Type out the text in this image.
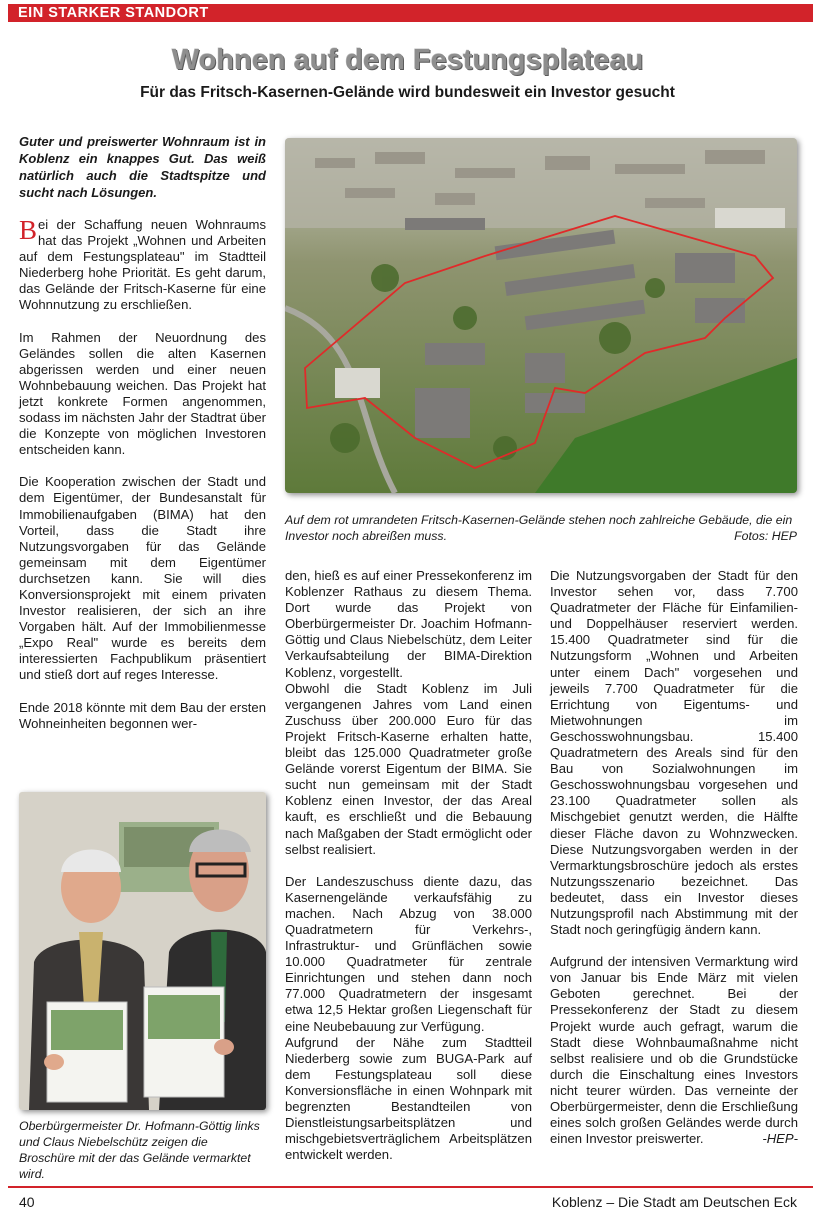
EIN STARKER STANDORT
Wohnen auf dem Festungsplateau
Für das Fritsch-Kasernen-Gelände wird bundesweit ein Investor gesucht

Guter und preiswerter Wohnraum ist in Koblenz ein knappes Gut. Das weiß natürlich auch die Stadtspitze und sucht nach Lösungen.

Bei der Schaffung neuen Wohnraums hat das Projekt „Wohnen und Arbeiten auf dem Festungsplateau" im Stadtteil Niederberg hohe Priorität. Es geht darum, das Gelände der Fritsch-Kaserne für eine Wohnnutzung zu erschließen.

Im Rahmen der Neuordnung des Geländes sollen die alten Kasernen abgerissen werden und einer neuen Wohnbebauung weichen. Das Projekt hat jetzt konkrete Formen angenommen, sodass im nächsten Jahr der Stadtrat über die Konzepte von möglichen Investoren entscheiden kann.

Die Kooperation zwischen der Stadt und dem Eigentümer, der Bundesanstalt für Immobilienaufgaben (BIMA) hat den Vorteil, dass die Stadt ihre Nutzungsvorgaben für das Gelände gemeinsam mit dem Eigentümer durchsetzen kann. Sie will dies Konversionsprojekt mit einem privaten Investor realisieren, der sich an ihre Vorgaben hält. Auf der Immobilienmesse „Expo Real" wurde es bereits dem interessierten Fachpublikum präsentiert und stieß dort auf reges Interesse.

Ende 2018 könnte mit dem Bau der ersten Wohneinheiten begonnen wer-

Auf dem rot umrandeten Fritsch-Kasernen-Gelände stehen noch zahlreiche Gebäude, die ein Investor noch abreißen muss.	Fotos: HEP

den, hieß es auf einer Pressekonferenz im Koblenzer Rathaus zu diesem Thema. Dort wurde das Projekt von Oberbürgermeister Dr. Joachim Hofmann-Göttig und Claus Niebelschütz, dem Leiter Verkaufsabteilung der BIMA-Direktion Koblenz, vorgestellt.

Obwohl die Stadt Koblenz im Juli vergangenen Jahres vom Land einen Zuschuss über 200.000 Euro für das Projekt Fritsch-Kaserne erhalten hatte, bleibt das 125.000 Quadratmeter große Gelände vorerst Eigentum der BIMA. Sie sucht nun gemeinsam mit der Stadt Koblenz einen Investor, der das Areal kauft, es erschließt und die Bebauung nach Maßgaben der Stadt ermöglicht oder selbst realisiert.

Der Landeszuschuss diente dazu, das Kasernengelände verkaufsfähig zu machen. Nach Abzug von 38.000 Quadratmetern für Verkehrs-, Infrastruktur- und Grünflächen sowie 10.000 Quadratmeter für zentrale Einrichtungen und stehen dann noch 77.000 Quadratmetern der insgesamt etwa 12,5 Hektar großen Liegenschaft für eine Neubebauung zur Verfügung.

Aufgrund der Nähe zum Stadtteil Niederberg sowie zum BUGA-Park auf dem Festungsplateau soll diese Konversionsfläche in einen Wohnpark mit begrenzten Bestandteilen von Dienstleistungsarbeitsplätzen und mischgebietsverträglichem Arbeitsplätzen entwickelt werden.

Die Nutzungsvorgaben der Stadt für den Investor sehen vor, dass 7.700 Quadratmeter der Fläche für Einfamilien- und Doppelhäuser reserviert werden. 15.400 Quadratmeter sind für die Nutzungsform „Wohnen und Arbeiten unter einem Dach" vorgesehen und jeweils 7.700 Quadratmeter für die Errichtung von Eigentums- und Mietwohnungen im Geschosswohnungsbau. 15.400 Quadratmetern des Areals sind für den Bau von Sozialwohnungen im Geschosswohnungsbau vorgesehen und 23.100 Quadratmeter sollen als Mischgebiet genutzt werden, die Hälfte dieser Fläche davon zu Wohnzwecken. Diese Nutzungsvorgaben werden in der Vermarktungsbroschüre jedoch als erstes Nutzungsszenario bezeichnet. Das bedeutet, dass ein Investor dieses Nutzungsprofil nach Abstimmung mit der Stadt noch geringfügig ändern kann.

Aufgrund der intensiven Vermarktung wird von Januar bis Ende März mit vielen Geboten gerechnet. Bei der Pressekonferenz der Stadt zu diesem Projekt wurde auch gefragt, warum die Stadt diese Wohnbaumaßnahme nicht selbst realisiere und ob die Grundstücke durch die Einschaltung eines Investors nicht teurer würden. Das verneinte der Oberbürgermeister, denn die Erschließung eines solch großen Geländes werde durch einen Investor preiswerter.	-HEP-

Oberbürgermeister Dr. Hofmann-Göttig links und Claus Niebelschütz zeigen die Broschüre mit der das Gelände vermarktet wird.
40	Koblenz – Die Stadt am Deutschen Eck
